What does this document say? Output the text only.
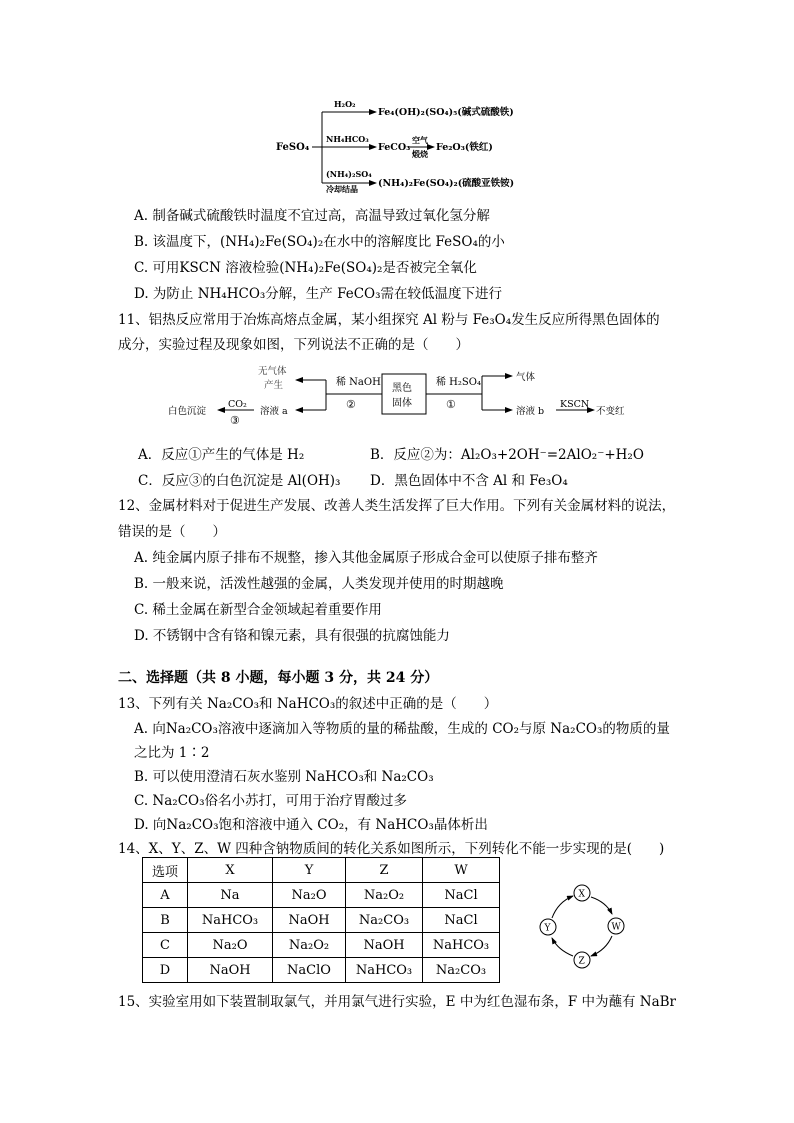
FeSO₄
H₂O₂
Fe₄(OH)₂(SO₄)₅(碱式硫酸铁)
NH₄HCO₃
FeCO₃
空气
煅烧
Fe₂O₃(铁红)
(NH₄)₂SO₄
冷却结晶 (NH₄)₂Fe(SO₄)₂(硫酸亚铁铵)
A. 制备碱式硫酸铁时温度不宜过高，高温导致过氧化氢分解
B. 该温度下，(NH₄)₂Fe(SO₄)₂在水中的溶解度比 FeSO₄的小
C. 可用KSCN 溶液检验(NH₄)₂Fe(SO₄)₂是否被完全氧化
D. 为防止 NH₄HCO₃分解，生产 FeCO₃需在较低温度下进行
11、铝热反应常用于冶炼高熔点金属，某小组探究 Al 粉与 Fe₃O₄发生反应所得黑色固体的
成分，实验过程及现象如图，下列说法不正确的是（　　）
黑色
固体
稀 NaOH
②
无气体
产生
溶液 a
CO₂
③
白色沉淀
稀 H₂SO₄
①
气体
溶液 b
KSCN
不变红
A．反应①产生的气体是 H₂	B．反应②为：Al₂O₃+2OH⁻=2AlO₂⁻+H₂O
C．反应③的白色沉淀是 Al(OH)₃ D．黑色固体中不含 Al 和 Fe₃O₄
12、金属材料对于促进生产发展、改善人类生活发挥了巨大作用。下列有关金属材料的说法，
错误的是（　　）
A. 纯金属内原子排布不规整，掺入其他金属原子形成合金可以使原子排布整齐
B. 一般来说，活泼性越强的金属，人类发现并使用的时期越晚
C. 稀土金属在新型合金领域起着重要作用
D. 不锈钢中含有铬和镍元素，具有很强的抗腐蚀能力
二、选择题（共 8 小题，每小题 3 分，共 24 分）
13、下列有关 Na₂CO₃和 NaHCO₃的叙述中正确的是（　　）
A. 向Na₂CO₃溶液中逐滴加入等物质的量的稀盐酸，生成的 CO₂与原 Na₂CO₃的物质的量
之比为 1∶2
B. 可以使用澄清石灰水鉴别 NaHCO₃和 Na₂CO₃
C. Na₂CO₃俗名小苏打，可用于治疗胃酸过多
D. 向Na₂CO₃饱和溶液中通入 CO₂，有 NaHCO₃晶体析出
14、X、Y、Z、W 四种含钠物质间的转化关系如图所示，下列转化不能一步实现的是(　　)
选项	X	Y	Z	W
A	Na	Na₂O	Na₂O₂	NaCl
B	NaHCO₃	NaOH	Na₂CO₃	NaCl
C	Na₂O	Na₂O₂	NaOH	NaHCO₃
D	NaOH	NaClO	NaHCO₃	Na₂CO₃
X
W
Z
Y
15、实验室用如下装置制取氯气，并用氯气进行实验，E 中为红色湿布条，F 中为蘸有 NaBr
